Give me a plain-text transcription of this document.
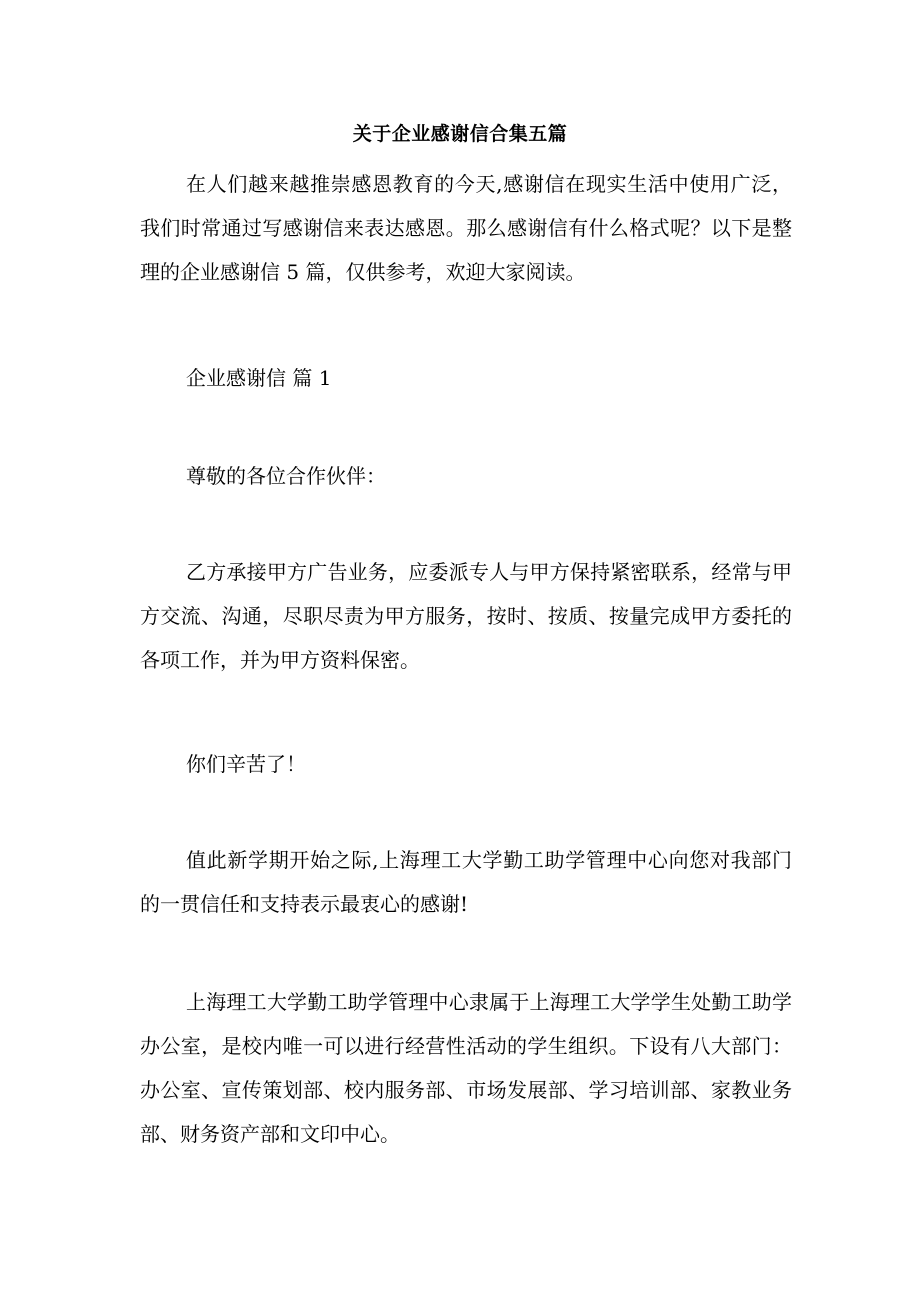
关于企业感谢信合集五篇
在人们越来越推崇感恩教育的今天,感谢信在现实生活中使用广泛，我们时常通过写感谢信来表达感恩。那么感谢信有什么格式呢？以下是整理的企业感谢信 5 篇，仅供参考，欢迎大家阅读。
企业感谢信 篇 1
尊敬的各位合作伙伴：
乙方承接甲方广告业务，应委派专人与甲方保持紧密联系，经常与甲方交流、沟通，尽职尽责为甲方服务，按时、按质、按量完成甲方委托的各项工作，并为甲方资料保密。
你们辛苦了！
值此新学期开始之际,上海理工大学勤工助学管理中心向您对我部门的一贯信任和支持表示最衷心的感谢!
上海理工大学勤工助学管理中心隶属于上海理工大学学生处勤工助学办公室，是校内唯一可以进行经营性活动的学生组织。下设有八大部门：办公室、宣传策划部、校内服务部、市场发展部、学习培训部、家教业务部、财务资产部和文印中心。
